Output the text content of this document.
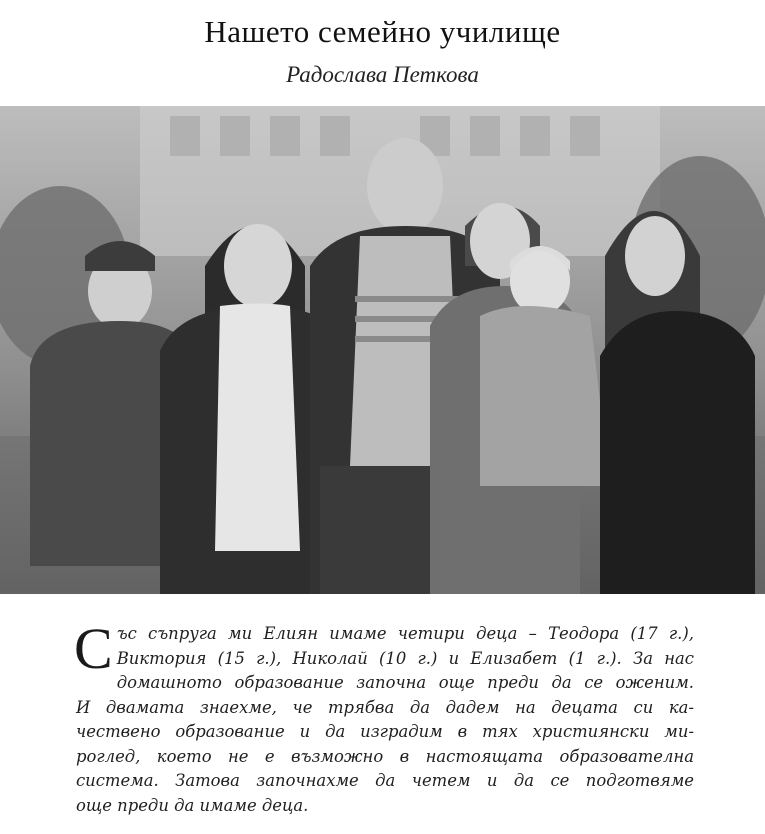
Нашето семейно училище
Радослава Петкова
С ъс съпруга ми Елиян имаме четири деца – Теодора (17 г.),
Виктория (15 г.), Николай (10 г.) и Елизабет (1 г.). За нас
домашното образование започна още преди да се оженим.
И двамата знаехме, че трябва да дадем на децата си ка-
чествено образование и да изградим в тях християнски ми-
роглед, което не е възможно в настоящата образователна
система. Затова започнахме да четем и да се подготвяме
още преди да имаме деца.
